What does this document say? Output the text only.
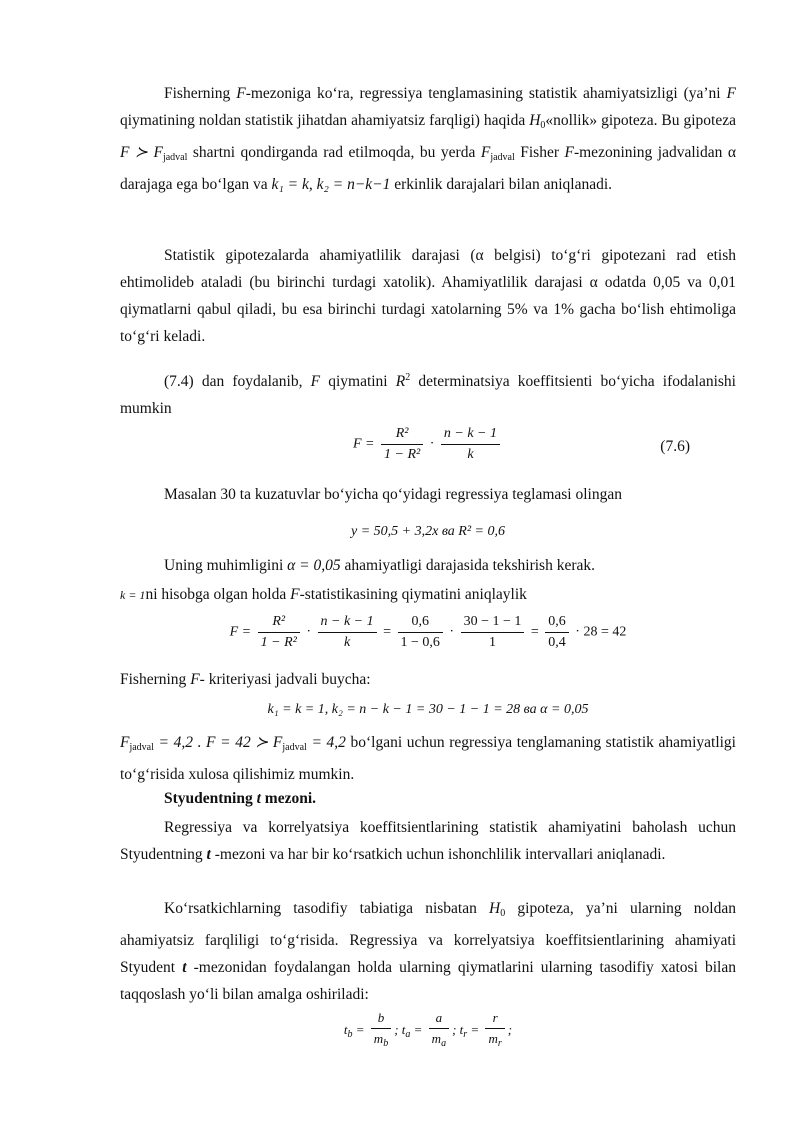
Fisherning F-mezoniga ko‘ra, regressiya tenglamasining statistik ahamiyatsizligi (ya’ni F qiymatining noldan statistik jihatdan ahamiyatsiz farqligi) haqida $H_0«nollik$» gipoteza. Bu gipoteza F ≻ $F_{jadval}$ shartni qondirganda rad etilmoqda, bu yerda $F_{jadval}$ Fisher F-mezonining jadvalidan α darajaga ega bo‘lgan va k₁ = k, k₂ = n−k−1 erkinlik darajalari bilan aniqlanadi.

Statistik gipotezalarda ahamiyatlilik darajasi (α belgisi) to‘g‘ri gipotezani rad etish ehtimolideb ataladi (bu birinchi turdagi xatolik). Ahamiyatlilik darajasi α odatda 0,05 va 0,01 qiymatlarni qabul qiladi, bu esa birinchi turdagi xatolarning 5% va 1% gacha bo‘lish ehtimoliga to‘g‘ri keladi.

(7.4) dan foydalanib, F qiymatini $R^2$ determinatsiya koeffitsienti bo‘yicha ifodalanishi mumkin

$F = \frac{\text{R²}}{\text{1 − R²}} \cdot \frac{n - k - 1}{k}$	(7.6)

Masalan 30 ta kuzatuvlar bo‘yicha qo‘yidagi regressiya teglamasi olingan

y = 50,5 + 3,2x ва R² = 0,6

Uning muhimligini α = 0,05 ahamiyatligi darajasida tekshirish kerak.

k = 1ni hisobga olgan holda F-statistikasining qiymatini aniqlaylik

$F = \frac{\text{R²}}{\text{1 − R²}} \cdot \frac{n - k - 1}{k} = \frac{0,6}{1 - 0,6} \cdot \frac{30 - 1 - 1}{1} = \frac{0,6}{0,4} \cdot 28 = 42$

Fisherning F- kriteriyasi jadvali buycha:

k₁ = k = 1, k₂ = n − k − 1 = 30 − 1 − 1 = 28 ва α = 0,05

$F_{jadval} = 4,2$ . F = 42 ≻ $F_{jadval} = 4,2$ bo‘lgani uchun regressiya tenglamaning statistik ahamiyatligi to‘g‘risida xulosa qilishimiz mumkin.

Styudentning t mezoni.

Regressiya va korrelyatsiya koeffitsientlarining statistik ahamiyatini baholash uchun Styudentning t -mezoni va har bir ko‘rsatkich uchun ishonchlilik intervallari aniqlanadi.

Ko‘rsatkichlarning tasodifiy tabiatiga nisbatan $H_0$ gipoteza, ya’ni ularning noldan ahamiyatsiz farqliligi to‘g‘risida. Regressiya va korrelyatsiya koeffitsientlarining ahamiyati Styudent t -mezonidan foydalangan holda ularning qiymatlarini ularning tasodifiy xatosi bilan taqqoslash yo‘li bilan amalga oshiriladi:

$t_b = \frac{b}{m_b}$ ; $t_a = \frac{a}{m_a}$ ; $t_r = \frac{r}{m_r}$ ;
